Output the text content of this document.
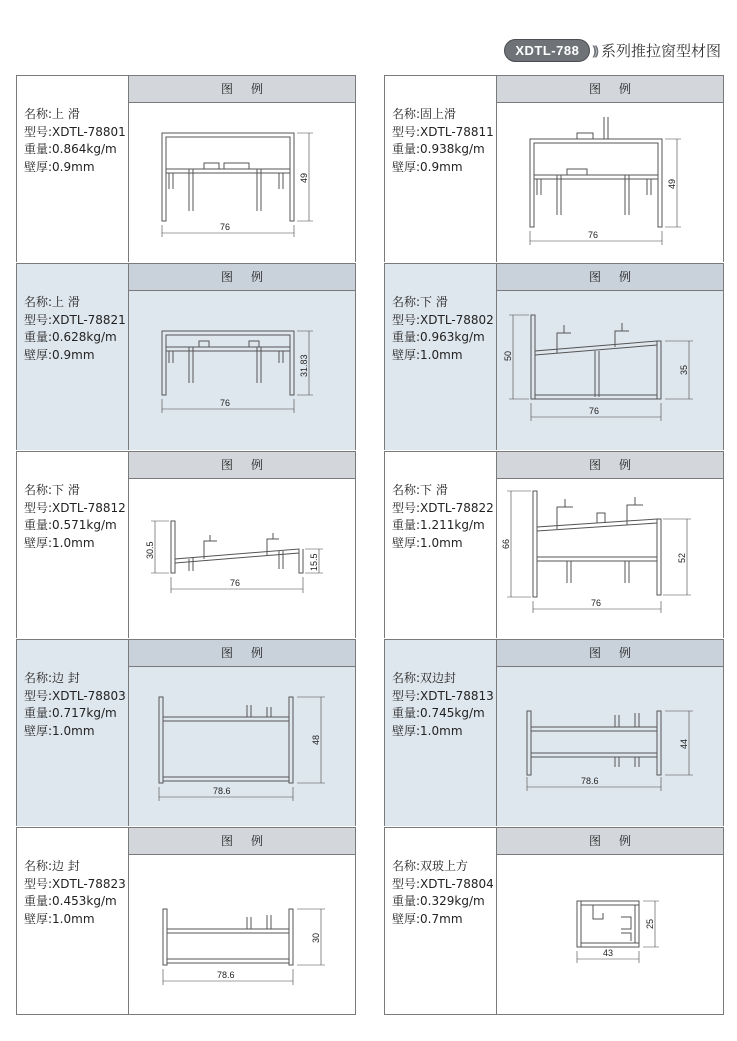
XDTL-788	)) 系列推拉窗型材图
名称:上 滑
型号:XDTL-78801
重量:0.864kg/m
壁厚:0.9mm
图例
76
49
名称:上 滑
型号:XDTL-78821
重量:0.628kg/m
壁厚:0.9mm
图例
76
31.83
名称:下 滑
型号:XDTL-78812
重量:0.571kg/m
壁厚:1.0mm
图例
76
30.5
15.5
名称:边 封
型号:XDTL-78803
重量:0.717kg/m
壁厚:1.0mm
图例
78.6
48
名称:边 封
型号:XDTL-78823
重量:0.453kg/m
壁厚:1.0mm
图例
78.6
30
名称:固上滑
型号:XDTL-78811
重量:0.938kg/m
壁厚:0.9mm
图例
76
49
名称:下 滑
型号:XDTL-78802
重量:0.963kg/m
壁厚:1.0mm
图例
76
50
35
名称:下 滑
型号:XDTL-78822
重量:1.211kg/m
壁厚:1.0mm
图例
76
66
52
名称:双边封
型号:XDTL-78813
重量:0.745kg/m
壁厚:1.0mm
图例
78.6
44
名称:双玻上方
型号:XDTL-78804
重量:0.329kg/m
壁厚:0.7mm
图例
43
25
